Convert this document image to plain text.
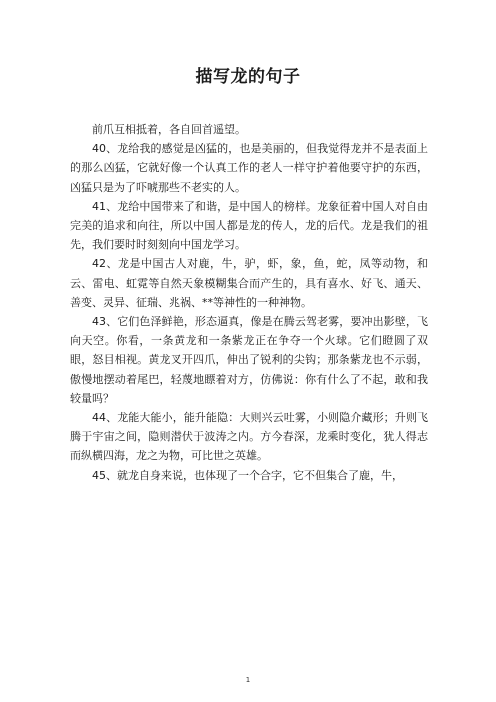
描写龙的句子

前爪互相抵着，各自回首遥望。

40、龙给我的感觉是凶猛的，也是美丽的，但我觉得龙并不是表面上的那么凶猛，它就好像一个认真工作的老人一样守护着他要守护的东西，凶猛只是为了吓唬那些不老实的人。

41、龙给中国带来了和谐，是中国人的榜样。龙象征着中国人对自由完美的追求和向往，所以中国人都是龙的传人，龙的后代。龙是我们的祖先，我们要时时刻刻向中国龙学习。

42、龙是中国古人对鹿，牛，驴，虾，象，鱼，蛇，凤等动物，和云、雷电、虹霓等自然天象模糊集合而产生的，具有喜水、好飞、通天、善变、灵异、征瑞、兆祸、**等神性的一种神物。

43、它们色泽鲜艳，形态逼真，像是在腾云驾老雾，要冲出影壁，飞向天空。你看，一条黄龙和一条紫龙正在争夺一个火球。它们瞪圆了双眼，怒目相视。黄龙叉开四爪，伸出了锐利的尖钩；那条紫龙也不示弱，傲慢地摆动着尾巴，轻蔑地瞟着对方，仿佛说：你有什么了不起，敢和我较量吗？

44、龙能大能小，能升能隐：大则兴云吐雾，小则隐介藏形；升则飞腾于宇宙之间，隐则潜伏于波涛之内。方今春深，龙乘时变化，犹人得志而纵横四海，龙之为物，可比世之英雄。

45、就龙自身来说，也体现了一个合字，它不但集合了鹿，牛，

1
